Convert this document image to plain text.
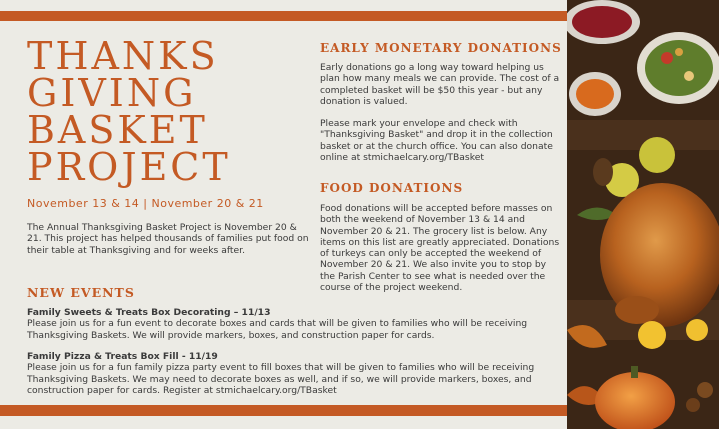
THANKS
GIVING
BASKET
PROJECT
November 13 & 14 | November 20 & 21
The Annual Thanksgiving Basket Project is November 20 & 21. This project has helped thousands of families put food on their table at Thanksgiving and for weeks after.
EARLY MONETARY DONATIONS

Early donations go a long way toward helping us plan how many meals we can provide. The cost of a completed basket will be $50 this year - but any donation is valued.

Please mark your envelope and check with "Thanksgiving Basket" and drop it in the collection basket or at the church office. You can also donate online at stmichaelcary.org/TBasket

FOOD DONATIONS

Food donations will be accepted before masses on both the weekend of November 13 & 14 and November 20 & 21. The grocery list is below. Any items on this list are greatly appreciated. Donations of turkeys can only be accepted the weekend of November 20 & 21. We also invite you to stop by the Parish Center to see what is needed over the course of the project weekend.

NEW EVENTS
Family Sweets & Treats Box Decorating – 11/13
Please join us for a fun event to decorate boxes and cards that will be given to families who will be receiving Thanksgiving Baskets. We will provide markers, boxes, and construction paper for cards.
Family Pizza & Treats Box Fill - 11/19
Please join us for a fun family pizza party event to fill boxes that will be given to families who will be receiving Thanksgiving Baskets. We may need to decorate boxes as well, and if so, we will provide markers, boxes, and construction paper for cards. Register at stmichaelcary.org/TBasket
